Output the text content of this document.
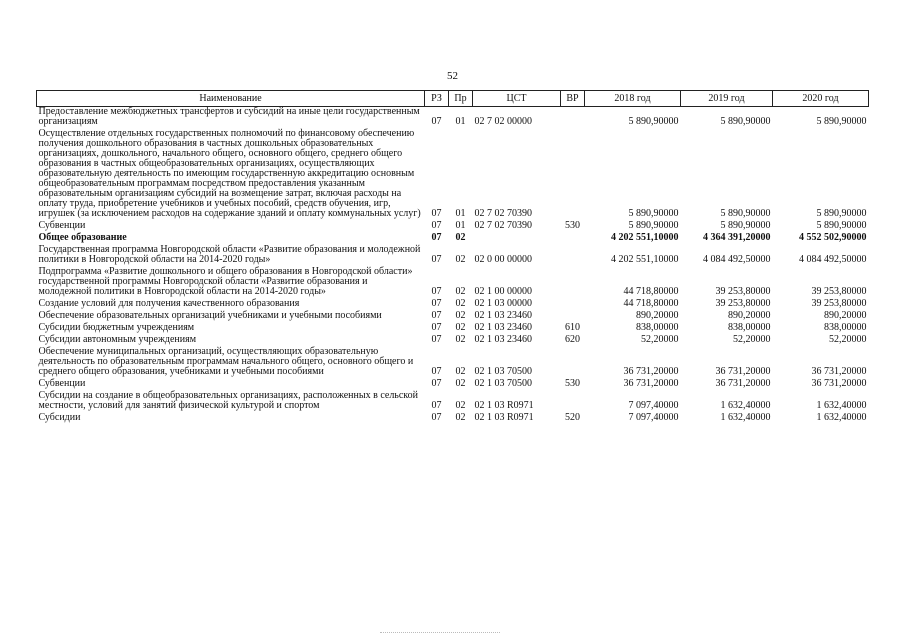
52
Наименование	РЗ	Пр	ЦСТ	ВР	2018 год	2019 год	2020 год
Предоставление межбюджетных трансфертов и субсидий на иные цели государственным организациям	07	01	02 7 02 00000		5 890,90000	5 890,90000	5 890,90000
Осуществление отдельных государственных полномочий по финансовому обеспечению получения дошкольного образования в частных дошкольных образовательных организациях, дошкольного, начального общего, основного общего, среднего общего образования в частных общеобразовательных организациях, осуществляющих образовательную деятельность по имеющим государственную аккредитацию основным общеобразовательным программам посредством предоставления указанным образовательным организациям субсидий на возмещение затрат, включая расходы на оплату труда, приобретение учебников и учебных пособий, средств обучения, игр, игрушек (за исключением расходов на содержание зданий и оплату коммунальных услуг)	07	01	02 7 02 70390		5 890,90000	5 890,90000	5 890,90000
Субвенции	07	01	02 7 02 70390	530	5 890,90000	5 890,90000	5 890,90000
Общее образование	07	02			4 202 551,10000	4 364 391,20000	4 552 502,90000
Государственная программа Новгородской области «Развитие образования и молодежной политики в Новгородской области на 2014-2020 годы»	07	02	02 0 00 00000		4 202 551,10000	4 084 492,50000	4 084 492,50000
Подпрограмма «Развитие дошкольного и общего образования в Новгородской области» государственной программы Новгородской области «Развитие образования и молодежной политики в Новгородской области на 2014-2020 годы»	07	02	02 1 00 00000		44 718,80000	39 253,80000	39 253,80000
Создание условий для получения качественного образования	07	02	02 1 03 00000		44 718,80000	39 253,80000	39 253,80000
Обеспечение образовательных организаций учебниками и учебными пособиями	07	02	02 1 03 23460		890,20000	890,20000	890,20000
Субсидии бюджетным учреждениям	07	02	02 1 03 23460	610	838,00000	838,00000	838,00000
Субсидии автономным учреждениям	07	02	02 1 03 23460	620	52,20000	52,20000	52,20000
Обеспечение муниципальных организаций, осуществляющих образовательную деятельность по образовательным программам начального общего, основного общего и среднего общего образования, учебниками и учебными пособиями	07	02	02 1 03 70500		36 731,20000	36 731,20000	36 731,20000
Субвенции	07	02	02 1 03 70500	530	36 731,20000	36 731,20000	36 731,20000
Субсидии на создание в общеобразовательных организациях, расположенных в сельской местности, условий для занятий физической культурой и спортом	07	02	02 1 03 R0971		7 097,40000	1 632,40000	1 632,40000
Субсидии	07	02	02 1 03 R0971	520	7 097,40000	1 632,40000	1 632,40000
